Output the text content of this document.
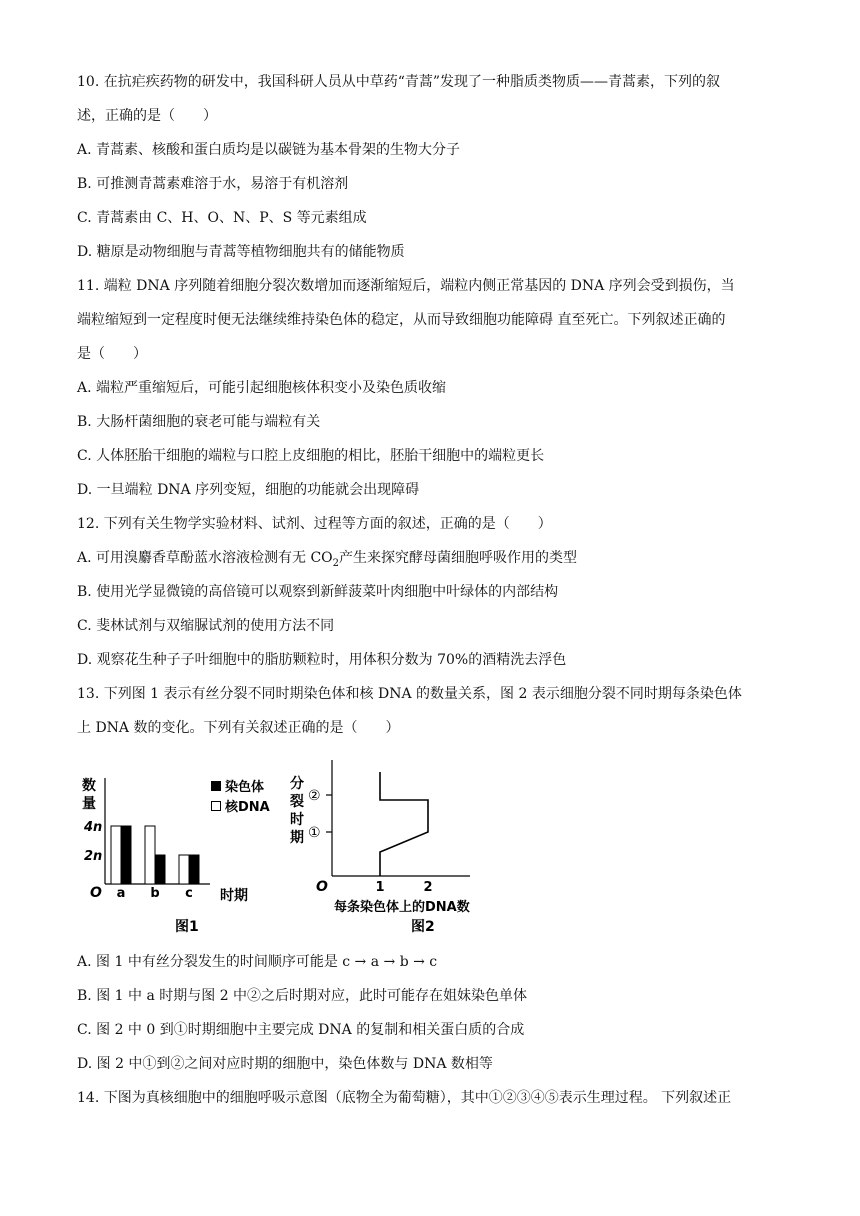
10. 在抗疟疾药物的研发中，我国科研人员从中草药“青蒿”发现了一种脂质类物质——青蒿素，下列的叙
述，正确的是（　　）
A. 青蒿素、核酸和蛋白质均是以碳链为基本骨架的生物大分子
B. 可推测青蒿素难溶于水，易溶于有机溶剂
C. 青蒿素由 C、H、O、N、P、S 等元素组成
D. 糖原是动物细胞与青蒿等植物细胞共有的储能物质
11. 端粒 DNA 序列随着细胞分裂次数增加而逐渐缩短后，端粒内侧正常基因的 DNA 序列会受到损伤，当
端粒缩短到一定程度时便无法继续维持染色体的稳定，从而导致细胞功能障碍 直至死亡。下列叙述正确的
是（　　）
A. 端粒严重缩短后，可能引起细胞核体积变小及染色质收缩
B. 大肠杆菌细胞的衰老可能与端粒有关
C. 人体胚胎干细胞的端粒与口腔上皮细胞的相比，胚胎干细胞中的端粒更长
D. 一旦端粒 DNA 序列变短，细胞的功能就会出现障碍
12. 下列有关生物学实验材料、试剂、过程等方面的叙述，正确的是（　　）
A. 可用溴麝香草酚蓝水溶液检测有无 $CO_2$产生来探究酵母菌细胞呼吸作用的类型
B. 使用光学显微镜的高倍镜可以观察到新鲜菠菜叶肉细胞中叶绿体的内部结构
C. 斐林试剂与双缩脲试剂的使用方法不同
D. 观察花生种子子叶细胞中的脂肪颗粒时，用体积分数为 70%的酒精洗去浮色
13. 下列图 1 表示有丝分裂不同时期染色体和核 DNA 的数量关系，图 2 表示细胞分裂不同时期每条染色体
上 DNA 数的变化。下列有关叙述正确的是（　　）
数
量
4n
2n
O a b c 时期
染色体
核DNA
图1
分
裂
时
期
②
①
O	1	2
每条染色体上的DNA数
图2
A. 图 1 中有丝分裂发生的时间顺序可能是 c → a → b → c
B. 图 1 中 a 时期与图 2 中②之后时期对应，此时可能存在姐妹染色单体
C. 图 2 中 0 到①时期细胞中主要完成 DNA 的复制和相关蛋白质的合成
D. 图 2 中①到②之间对应时期的细胞中，染色体数与 DNA 数相等
14. 下图为真核细胞中的细胞呼吸示意图（底物全为葡萄糖），其中①②③④⑤表示生理过程。 下列叙述正
